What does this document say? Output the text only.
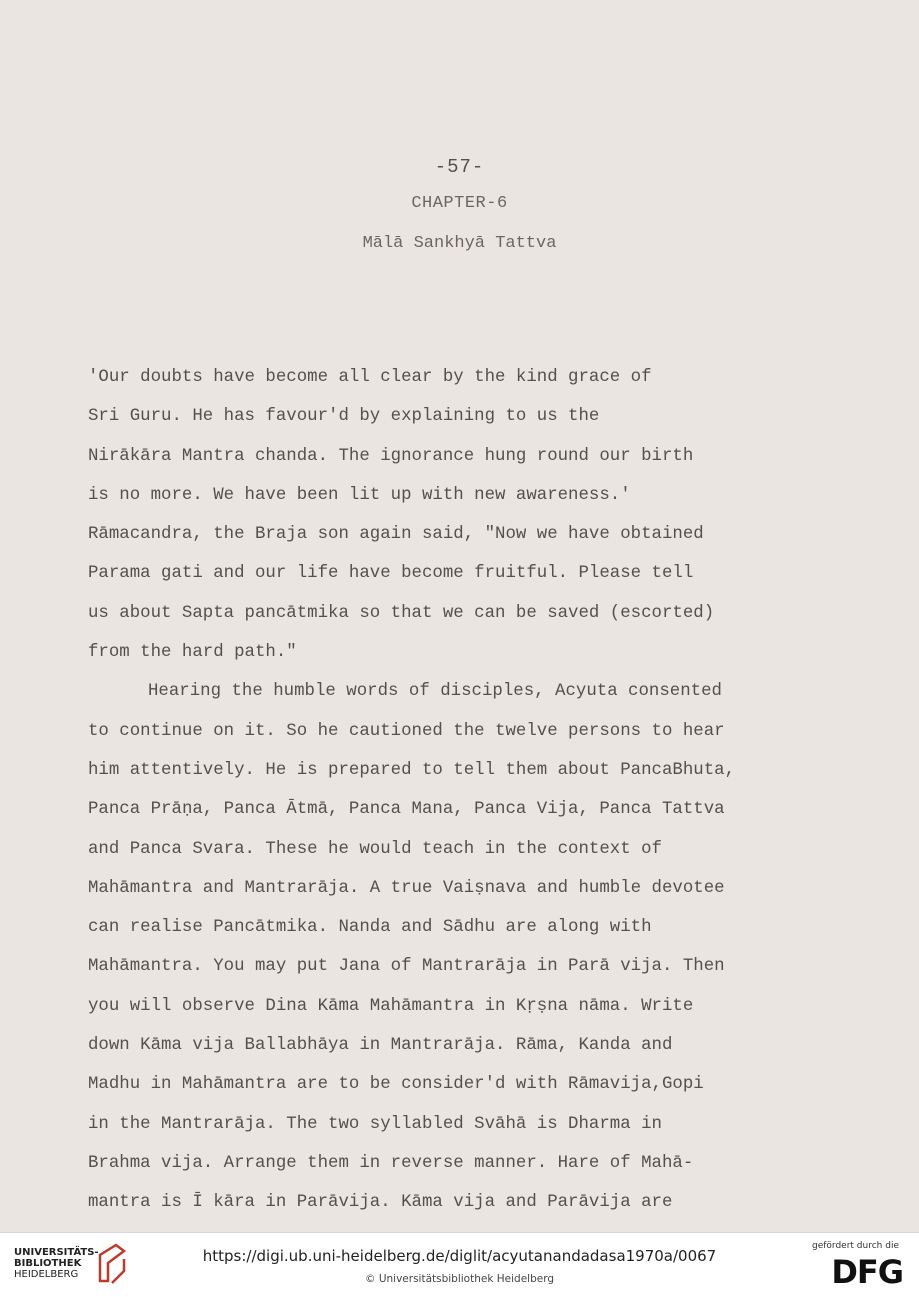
-57-
CHAPTER-6
Mālā Sankhyā Tattva
'Our doubts have become all clear by the kind grace of
Sri Guru. He has favour'd by explaining to us the
Nirākāra Mantra chanda. The ignorance hung round our birth
is no more. We have been lit up with new awareness.'
Rāmacandra, the Braja son again said, "Now we have obtained
Parama gati and our life have become fruitful. Please tell
us about Sapta pancātmika so that we can be saved (escorted)
from the hard path."
Hearing the humble words of disciples, Acyuta consented
to continue on it. So he cautioned the twelve persons to hear
him attentively. He is prepared to tell them about PancaBhuta,
Panca Prāṇa, Panca Ātmā, Panca Mana, Panca Vija, Panca Tattva
and Panca Svara. These he would teach in the context of
Mahāmantra and Mantrarāja. A true Vaiṣnava and humble devotee
can realise Pancātmika. Nanda and Sādhu are along with
Mahāmantra. You may put Jana of Mantrarāja in Parā vija. Then
you will observe Dina Kāma Mahāmantra in Kṛṣna nāma. Write
down Kāma vija Ballabhāya in Mantrarāja. Rāma, Kanda and
Madhu in Mahāmantra are to be consider'd with Rāmavija,Gopi
in the Mantrarāja. The two syllabled Svāhā is Dharma in
Brahma vija. Arrange them in reverse manner. Hare of Mahā-
mantra is Ī kāra in Parāvija. Kāma vija and Parāvija are
UNIVERSITÄTS-
BIBLIOTHEK
HEIDELBERG
https://digi.ub.uni-heidelberg.de/diglit/acyutanandadasa1970a/0067
© Universitätsbibliothek Heidelberg
gefördert durch die
DFG
